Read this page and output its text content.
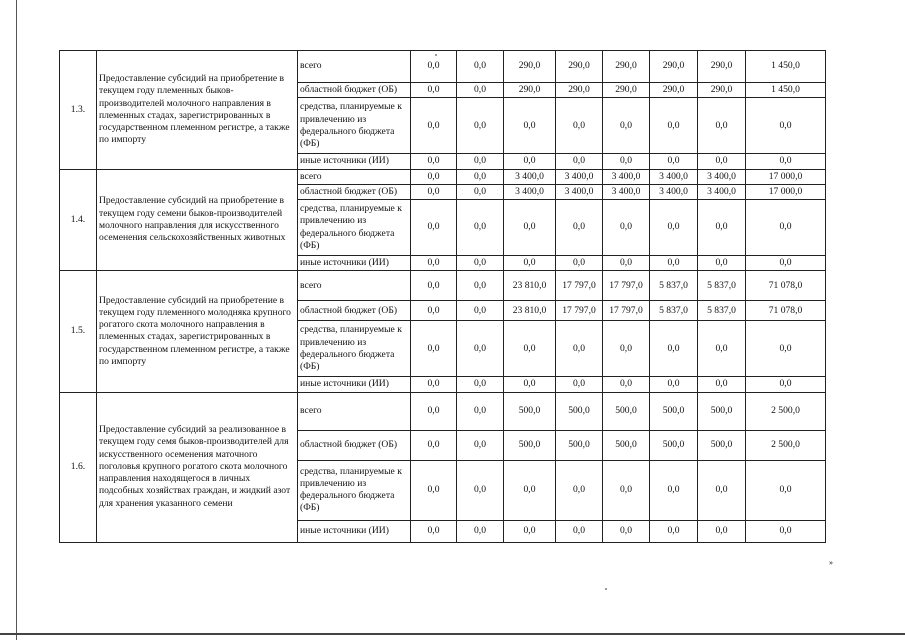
1.3.	Предоставление субсидий на приобретение в текущем году племенных быков-производителей молочного направления в племенных стадах, зарегистрированных в государственном племенном регистре, а также по импорту	всего	0,0	0,0	290,0	290,0	290,0	290,0	290,0	1 450,0
		областной бюджет (ОБ)	0,0	0,0	290,0	290,0	290,0	290,0	290,0	1 450,0
		средства, планируемые к привлечению из федерального бюджета (ФБ)	0,0	0,0	0,0	0,0	0,0	0,0	0,0	0,0
		иные источники (ИИ)	0,0	0,0	0,0	0,0	0,0	0,0	0,0	0,0
1.4.	Предоставление субсидий на приобретение в текущем году семени быков-производителей молочного направления для искусственного осеменения сельскохозяйственных животных	всего	0,0	0,0	3 400,0	3 400,0	3 400,0	3 400,0	3 400,0	17 000,0
		областной бюджет (ОБ)	0,0	0,0	3 400,0	3 400,0	3 400,0	3 400,0	3 400,0	17 000,0
		средства, планируемые к привлечению из федерального бюджета (ФБ)	0,0	0,0	0,0	0,0	0,0	0,0	0,0	0,0
		иные источники (ИИ)	0,0	0,0	0,0	0,0	0,0	0,0	0,0	0,0
1.5.	Предоставление субсидий на приобретение в текущем году племенного молодняка крупного рогатого скота молочного направления в племенных стадах, зарегистрированных в государственном племенном регистре, а также по импорту	всего	0,0	0,0	23 810,0	17 797,0	17 797,0	5 837,0	5 837,0	71 078,0
		областной бюджет (ОБ)	0,0	0,0	23 810,0	17 797,0	17 797,0	5 837,0	5 837,0	71 078,0
		средства, планируемые к привлечению из федерального бюджета (ФБ)	0,0	0,0	0,0	0,0	0,0	0,0	0,0	0,0
		иные источники (ИИ)	0,0	0,0	0,0	0,0	0,0	0,0	0,0	0,0
1.6.	Предоставление субсидий за реализованное в текущем году семя быков-производителей для искусственного осеменения маточного поголовья крупного рогатого скота молочного направления находящегося в личных подсобных хозяйствах граждан, и жидкий азот для хранения указанного семени	всего	0,0	0,0	500,0	500,0	500,0	500,0	500,0	2 500,0
		областной бюджет (ОБ)	0,0	0,0	500,0	500,0	500,0	500,0	500,0	2 500,0
		средства, планируемые к привлечению из федерального бюджета (ФБ)	0,0	0,0	0,0	0,0	0,0	0,0	0,0	0,0
		иные источники (ИИ)	0,0	0,0	0,0	0,0	0,0	0,0	0,0	0,0
»
